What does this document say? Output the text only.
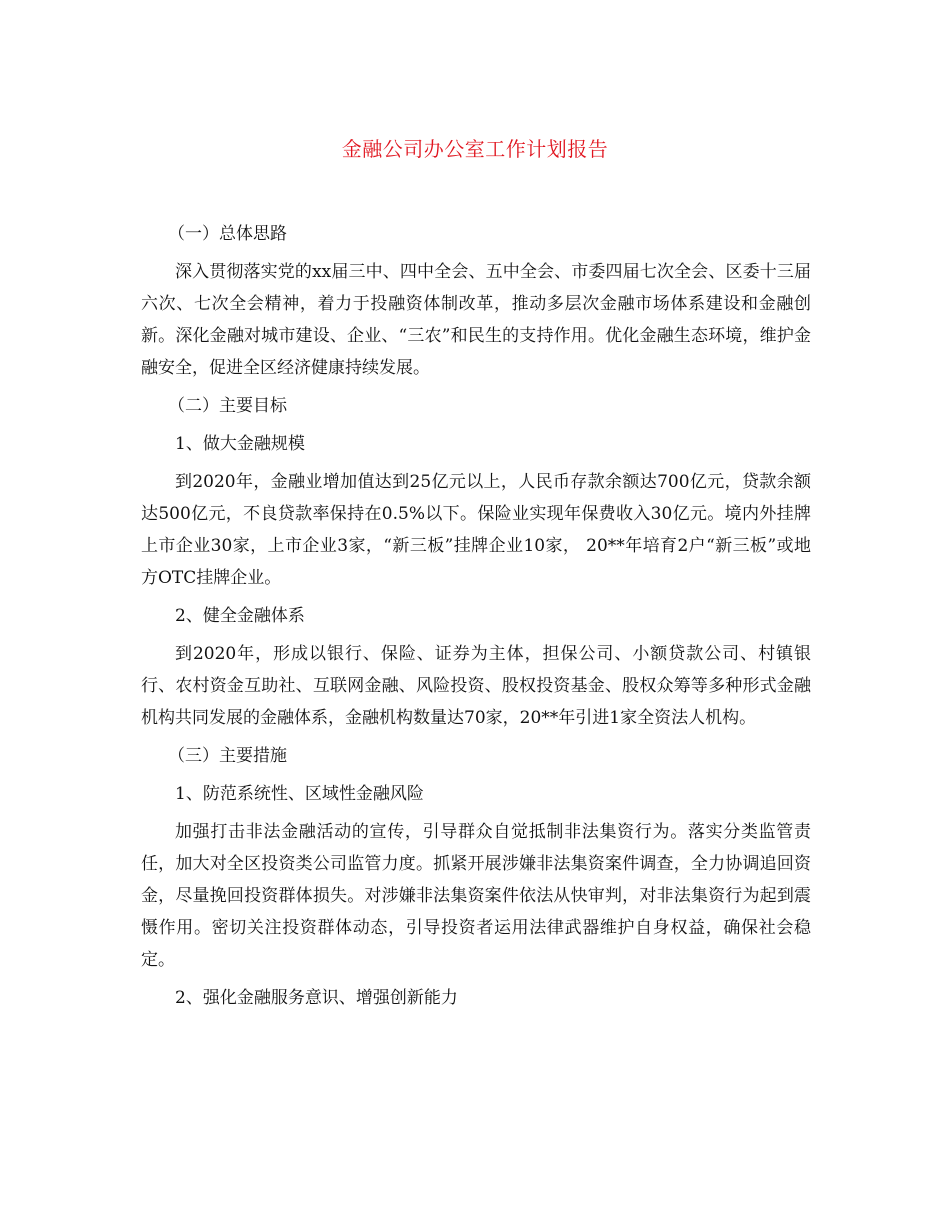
金融公司办公室工作计划报告
（一）总体思路
深入贯彻落实党的xx届三中、四中全会、五中全会、市委四届七次全会、区委十三届六次、七次全会精神，着力于投融资体制改革，推动多层次金融市场体系建设和金融创新。深化金融对城市建设、企业、“三农”和民生的支持作用。优化金融生态环境，维护金融安全，促进全区经济健康持续发展。
（二）主要目标
1、做大金融规模
到2020年，金融业增加值达到25亿元以上，人民币存款余额达700亿元，贷款余额达500亿元，不良贷款率保持在0.5%以下。保险业实现年保费收入30亿元。境内外挂牌上市企业30家，上市企业3家，“新三板”挂牌企业10家， 20**年培育2户“新三板”或地方OTC挂牌企业。
2、健全金融体系
到2020年，形成以银行、保险、证券为主体，担保公司、小额贷款公司、村镇银行、农村资金互助社、互联网金融、风险投资、股权投资基金、股权众筹等多种形式金融机构共同发展的金融体系，金融机构数量达70家，20**年引进1家全资法人机构。
（三）主要措施
1、防范系统性、区域性金融风险
加强打击非法金融活动的宣传，引导群众自觉抵制非法集资行为。落实分类监管责任，加大对全区投资类公司监管力度。抓紧开展涉嫌非法集资案件调查，全力协调追回资金，尽量挽回投资群体损失。对涉嫌非法集资案件依法从快审判，对非法集资行为起到震慑作用。密切关注投资群体动态，引导投资者运用法律武器维护自身权益，确保社会稳定。
2、强化金融服务意识、增强创新能力
